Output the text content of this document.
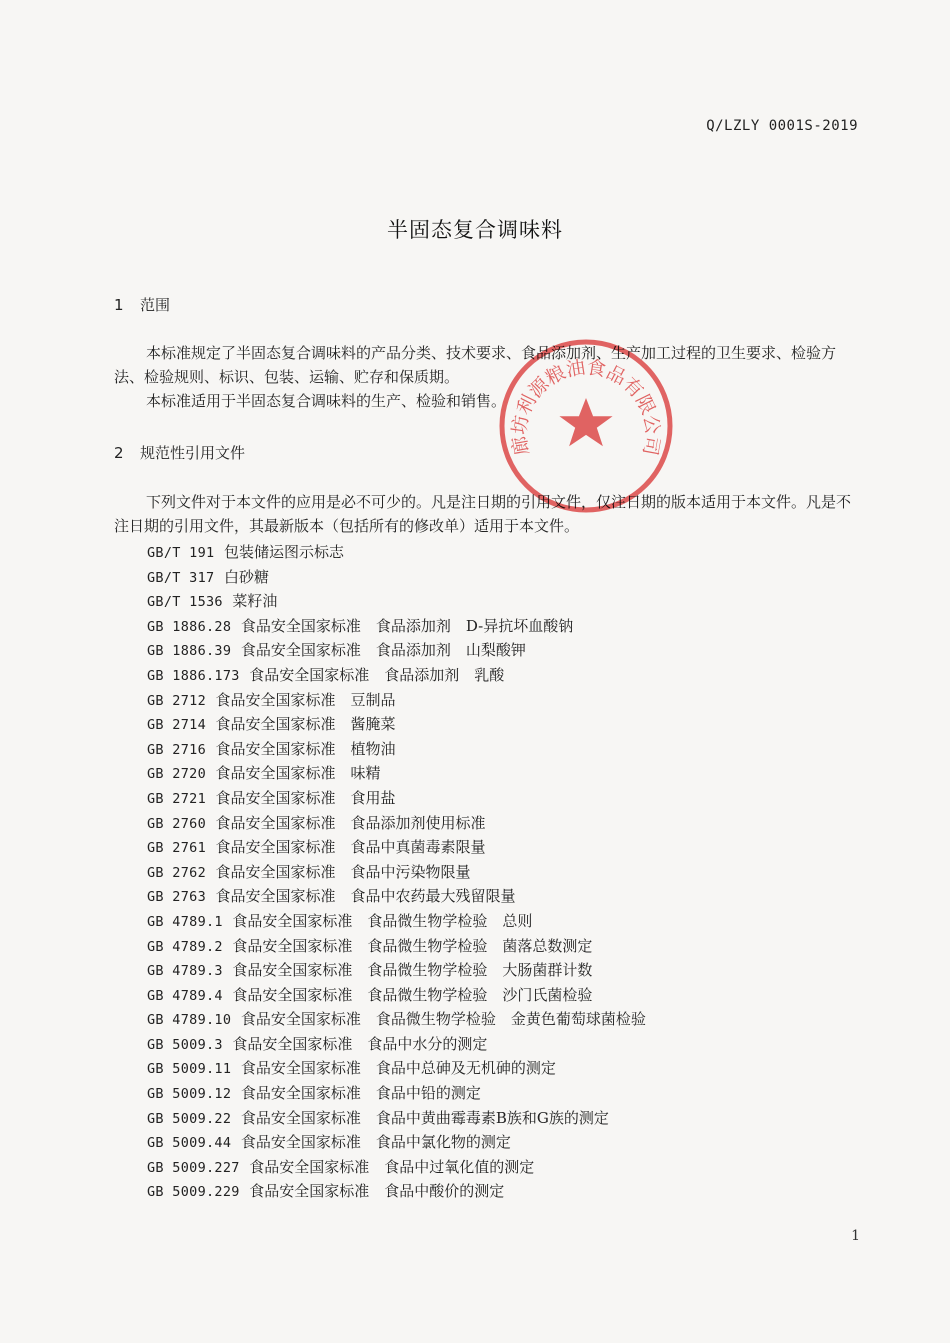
Q/LZLY 0001S-2019
半固态复合调味料
1 范围

本标准规定了半固态复合调味料的产品分类、技术要求、食品添加剂、生产加工过程的卫生要求、检验方法、检验规则、标识、包装、运输、贮存和保质期。

本标准适用于半固态复合调味料的生产、检验和销售。

2 规范性引用文件

下列文件对于本文件的应用是必不可少的。凡是注日期的引用文件，仅注日期的版本适用于本文件。凡是不注日期的引用文件，其最新版本（包括所有的修改单）适用于本文件。

GB/T 191 包装储运图示标志
GB/T 317 白砂糖
GB/T 1536 菜籽油
GB 1886.28 食品安全国家标准　食品添加剂　D-异抗坏血酸钠
GB 1886.39 食品安全国家标准　食品添加剂　山梨酸钾
GB 1886.173 食品安全国家标准　食品添加剂　乳酸
GB 2712 食品安全国家标准　豆制品
GB 2714 食品安全国家标准　酱腌菜
GB 2716 食品安全国家标准　植物油
GB 2720 食品安全国家标准　味精
GB 2721 食品安全国家标准　食用盐
GB 2760 食品安全国家标准　食品添加剂使用标准
GB 2761 食品安全国家标准　食品中真菌毒素限量
GB 2762 食品安全国家标准　食品中污染物限量
GB 2763 食品安全国家标准　食品中农药最大残留限量
GB 4789.1 食品安全国家标准　食品微生物学检验　总则
GB 4789.2 食品安全国家标准　食品微生物学检验　菌落总数测定
GB 4789.3 食品安全国家标准　食品微生物学检验　大肠菌群计数
GB 4789.4 食品安全国家标准　食品微生物学检验　沙门氏菌检验
GB 4789.10 食品安全国家标准　食品微生物学检验　金黄色葡萄球菌检验
GB 5009.3 食品安全国家标准　食品中水分的测定
GB 5009.11 食品安全国家标准　食品中总砷及无机砷的测定
GB 5009.12 食品安全国家标准　食品中铅的测定
GB 5009.22 食品安全国家标准　食品中黄曲霉毒素B族和G族的测定
GB 5009.44 食品安全国家标准　食品中氯化物的测定
GB 5009.227 食品安全国家标准　食品中过氧化值的测定
GB 5009.229 食品安全国家标准　食品中酸价的测定
1
廊坊利源粮油食品有限公司
